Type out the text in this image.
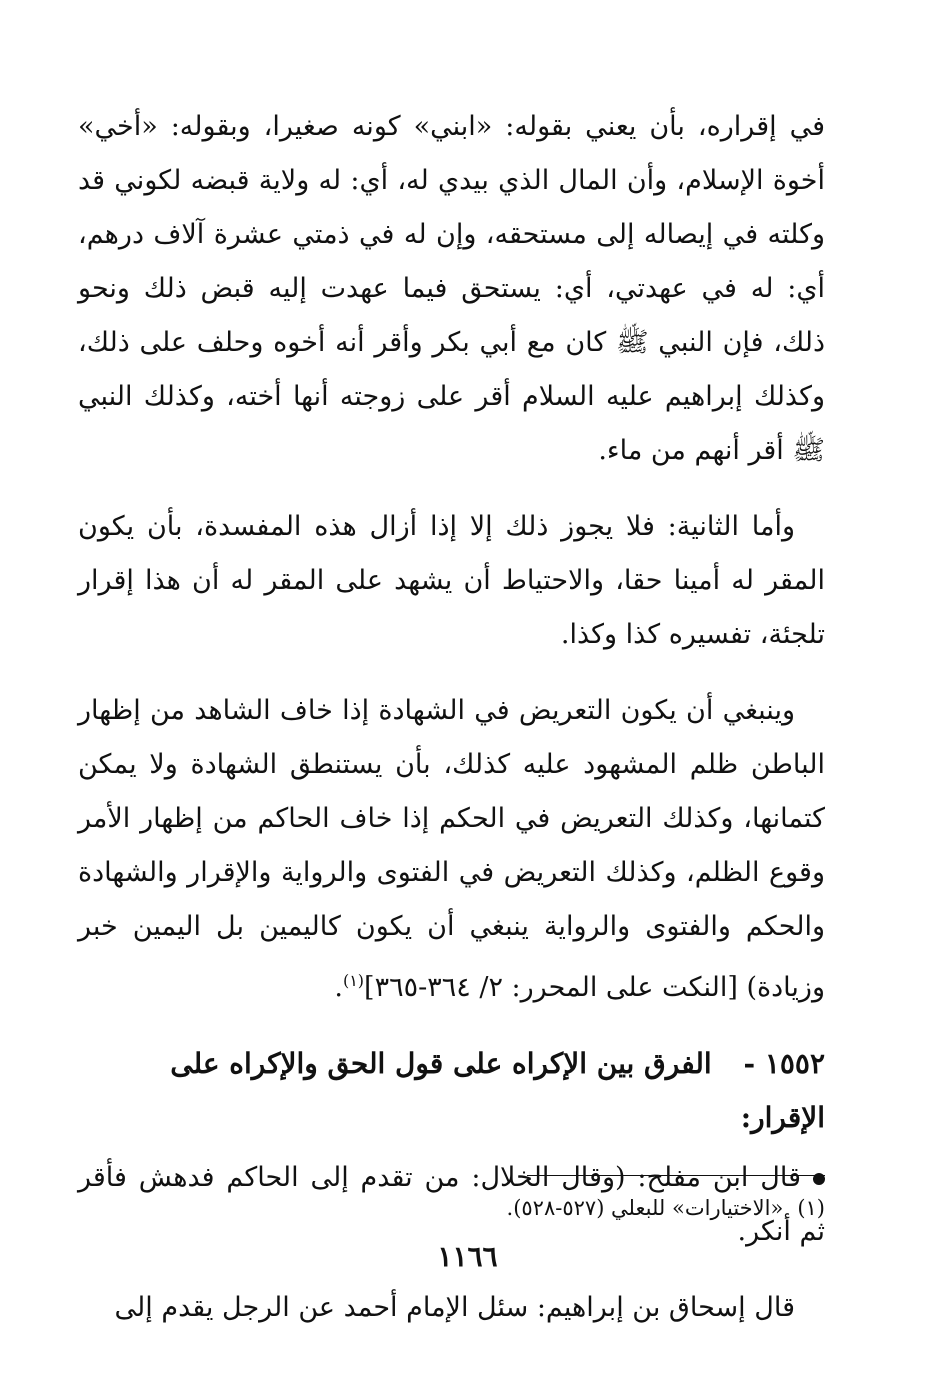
في إقراره، بأن يعني بقوله: «ابني» كونه صغيرا، وبقوله: «أخي» أخوة الإسلام، وأن المال الذي بيدي له، أي: له ولاية قبضه لكوني قد وكلته في إيصاله إلى مستحقه، وإن له في ذمتي عشرة آلاف درهم، أي: له في عهدتي، أي: يستحق فيما عهدت إليه قبض ذلك ونحو ذلك، فإن النبي ﷺ كان مع أبي بكر وأقر أنه أخوه وحلف على ذلك، وكذلك إبراهيم عليه السلام أقر على زوجته أنها أخته، وكذلك النبي ﷺ أقر أنهم من ماء.

وأما الثانية: فلا يجوز ذلك إلا إذا أزال هذه المفسدة، بأن يكون المقر له أمينا حقا، والاحتياط أن يشهد على المقر له أن هذا إقرار تلجئة، تفسيره كذا وكذا.

وينبغي أن يكون التعريض في الشهادة إذا خاف الشاهد من إظهار الباطن ظلم المشهود عليه كذلك، بأن يستنطق الشهادة ولا يمكن كتمانها، وكذلك التعريض في الحكم إذا خاف الحاكم من إظهار الأمر وقوع الظلم، وكذلك التعريض في الفتوى والرواية والإقرار والشهادة والحكم والفتوى والرواية ينبغي أن يكون كاليمين بل اليمين خبر وزيادة) [النكت على المحرر: ٢/ ٣٦٤-٣٦٥]$^{(١)}$.

١٥٥٢ - الفرق بين الإكراه على قول الحق والإكراه على الإقرار:

قال ابن مفلح: (وقال الخلال: من تقدم إلى الحاكم فدهش فأقر ثم أنكر.

قال إسحاق بن إبراهيم: سئل الإمام أحمد عن الرجل يقدم إلى

(١)«الاختيارات» للبعلي (٥٢٧-٥٢٨).
١١٦٦
